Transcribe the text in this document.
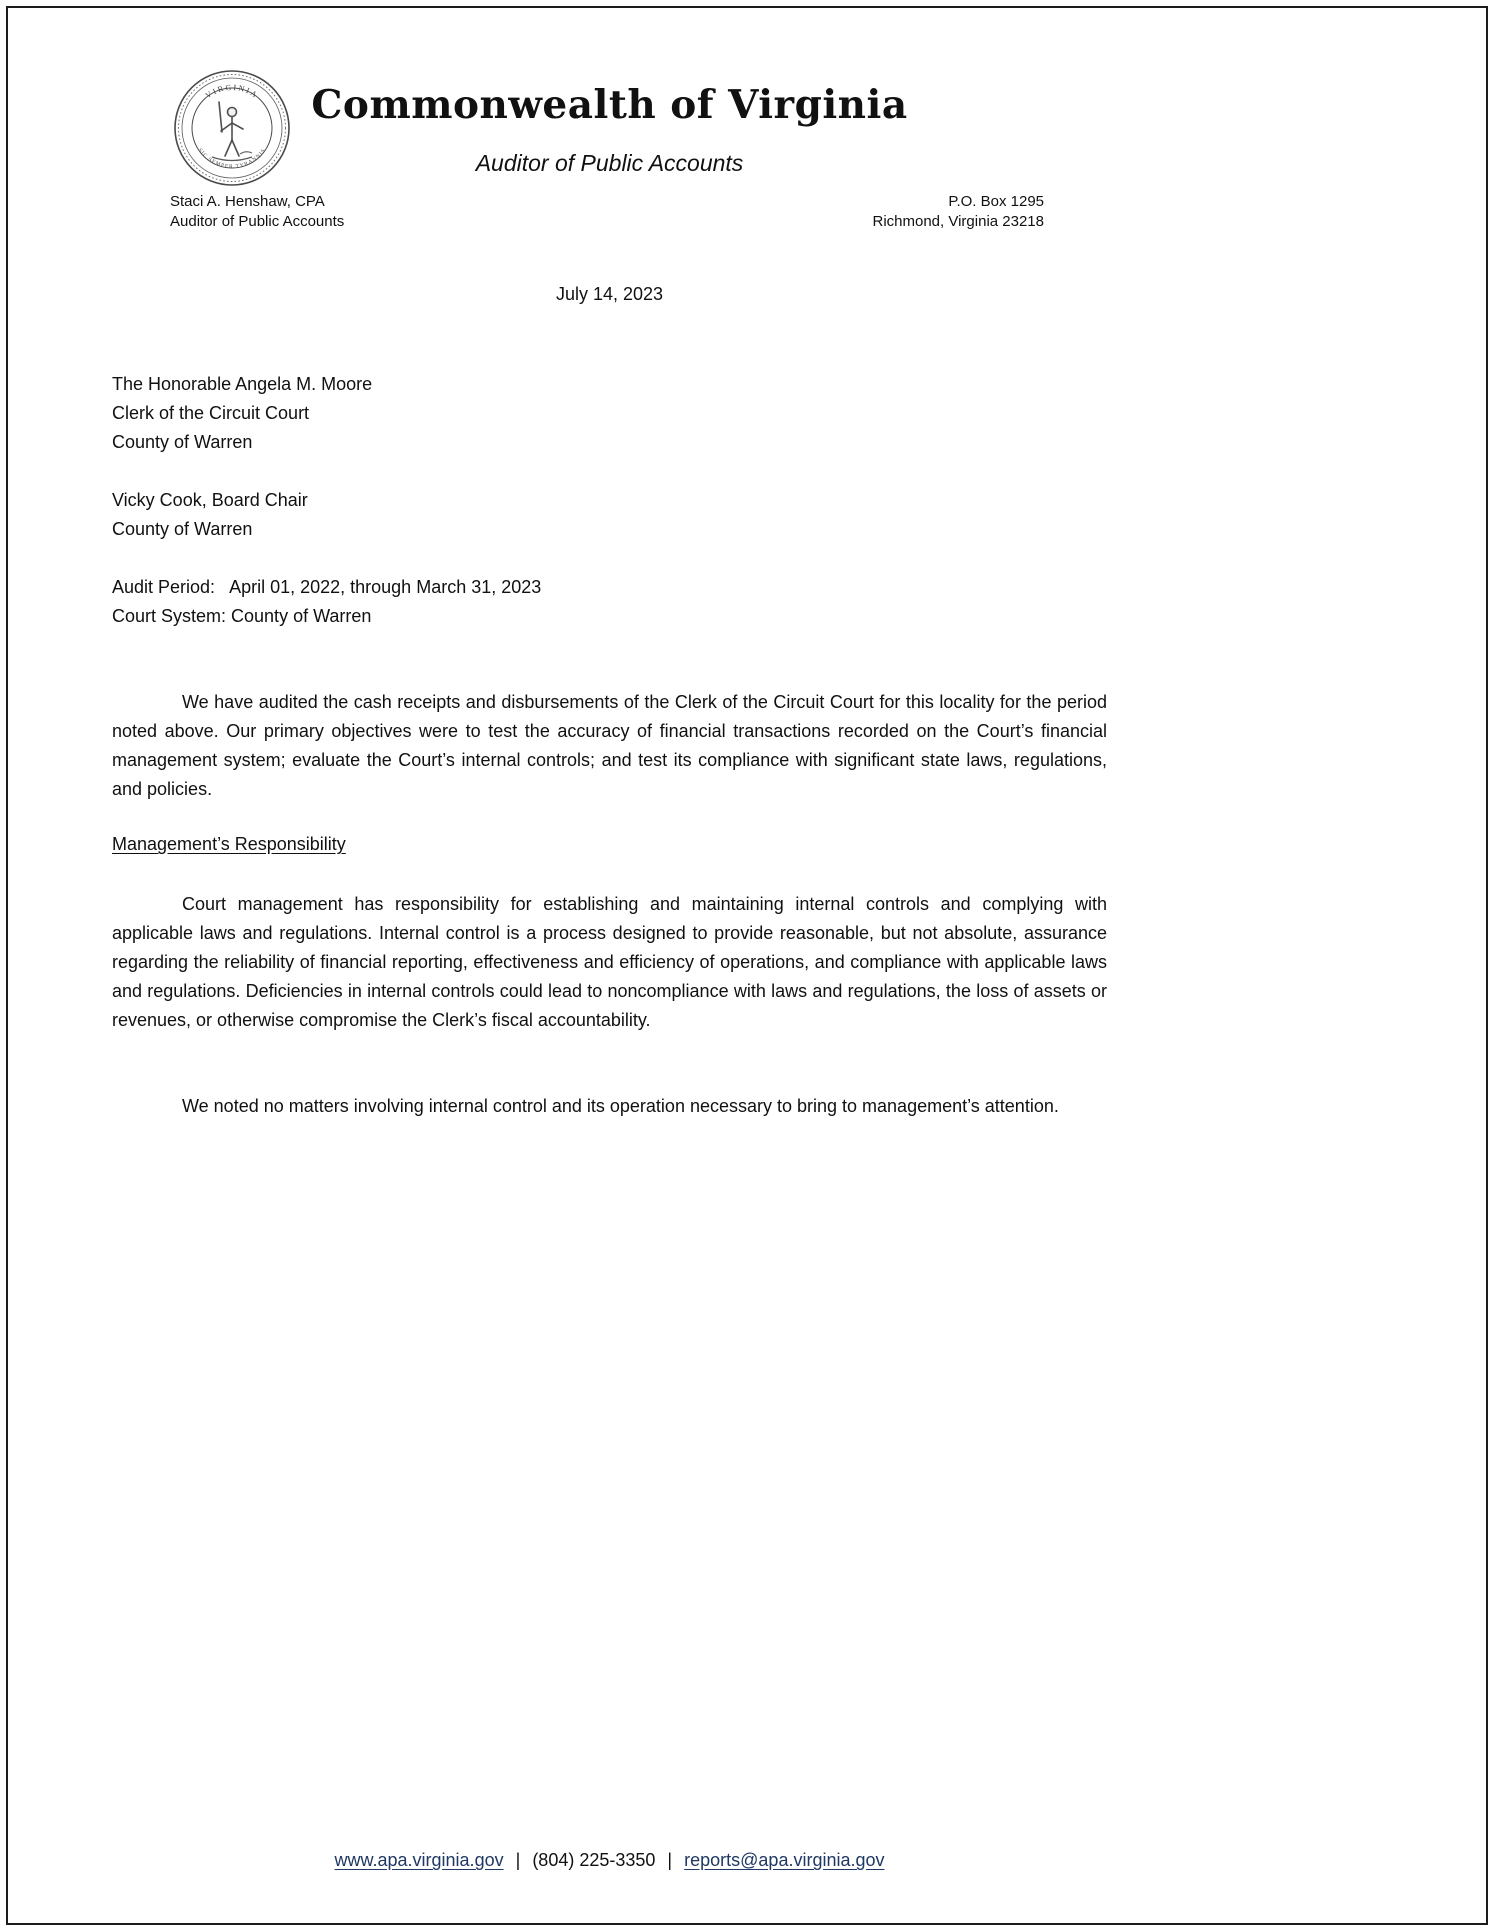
VIRGINIA
SIC SEMPER TYRANNIS
Commonwealth of Virginia
Auditor of Public Accounts
Staci A. Henshaw, CPA
Auditor of Public Accounts
P.O. Box 1295
Richmond, Virginia 23218
July 14, 2023
The Honorable Angela M. Moore
Clerk of the Circuit Court
County of Warren
Vicky Cook, Board Chair
County of Warren
Audit Period:   April 01, 2022, through March 31, 2023
Court System: County of Warren

We have audited the cash receipts and disbursements of the Clerk of the Circuit Court for this locality for the period noted above. Our primary objectives were to test the accuracy of financial transactions recorded on the Court’s financial management system; evaluate the Court’s internal controls; and test its compliance with significant state laws, regulations, and policies.

Management’s Responsibility

Court management has responsibility for establishing and maintaining internal controls and complying with applicable laws and regulations. Internal control is a process designed to provide reasonable, but not absolute, assurance regarding the reliability of financial reporting, effectiveness and efficiency of operations, and compliance with applicable laws and regulations. Deficiencies in internal controls could lead to noncompliance with laws and regulations, the loss of assets or revenues, or otherwise compromise the Clerk’s fiscal accountability.

We noted no matters involving internal control and its operation necessary to bring to management’s attention.

www.apa.virginia.gov | (804) 225-3350 | reports@apa.virginia.gov
